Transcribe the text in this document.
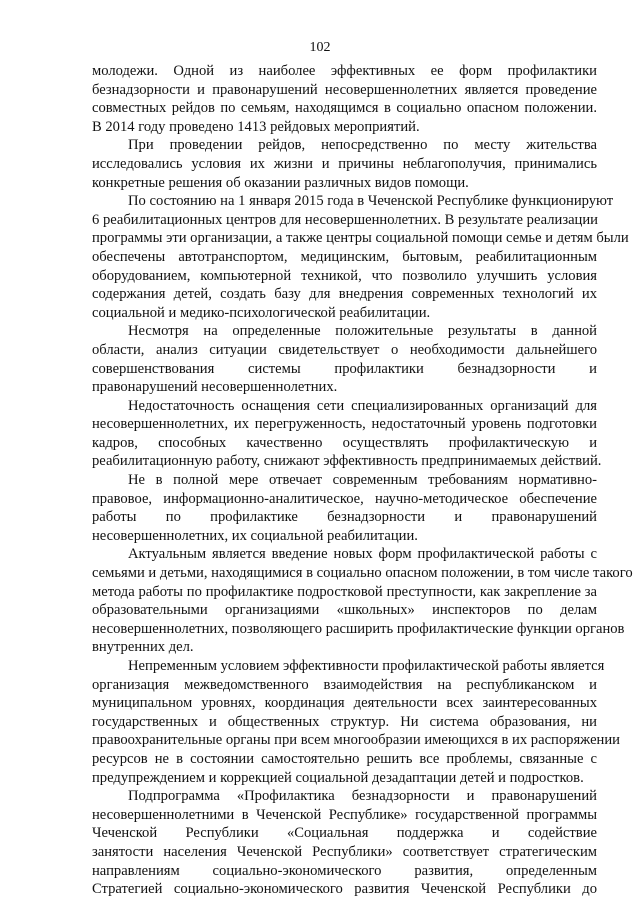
102
молодежи. Одной из наиболее эффективных ее форм профилактики
безнадзорности и правонарушений несовершеннолетних является проведение
совместных рейдов по семьям, находящимся в социально опасном положении.
В 2014 году проведено 1413 рейдовых мероприятий.
При проведении рейдов, непосредственно по месту жительства
исследовались условия их жизни и причины неблагополучия, принимались
конкретные решения об оказании различных видов помощи.
По состоянию на 1 января 2015 года в Чеченской Республике функционируют
6 реабилитационных центров для несовершеннолетних. В результате реализации
программы эти организации, а также центры социальной помощи семье и детям были
обеспечены автотранспортом, медицинским, бытовым, реабилитационным
оборудованием, компьютерной техникой, что позволило улучшить условия
содержания детей, создать базу для внедрения современных технологий их
социальной и медико-психологической реабилитации.
Несмотря на определенные положительные результаты в данной
области, анализ ситуации свидетельствует о необходимости дальнейшего
совершенствования системы профилактики безнадзорности и
правонарушений несовершеннолетних.
Недостаточность оснащения сети специализированных организаций для
несовершеннолетних, их перегруженность, недостаточный уровень подготовки
кадров, способных качественно осуществлять профилактическую и
реабилитационную работу, снижают эффективность предпринимаемых действий.
Не в полной мере отвечает современным требованиям нормативно-
правовое, информационно-аналитическое, научно-методическое обеспечение
работы по профилактике безнадзорности и правонарушений
несовершеннолетних, их социальной реабилитации.
Актуальным является введение новых форм профилактической работы с
семьями и детьми, находящимися в социально опасном положении, в том числе такого
метода работы по профилактике подростковой преступности, как закрепление за
образовательными организациями «школьных» инспекторов по делам
несовершеннолетних, позволяющего расширить профилактические функции органов
внутренних дел.
Непременным условием эффективности профилактической работы является
организация межведомственного взаимодействия на республиканском и
муниципальном уровнях, координация деятельности всех заинтересованных
государственных и общественных структур. Ни система образования, ни
правоохранительные органы при всем многообразии имеющихся в их распоряжении
ресурсов не в состоянии самостоятельно решить все проблемы, связанные с
предупреждением и коррекцией социальной дезадаптации детей и подростков.
Подпрограмма «Профилактика безнадзорности и правонарушений
несовершеннолетними в Чеченской Республике» государственной программы
Чеченской Республики «Социальная поддержка и содействие
занятости населения Чеченской Республики» соответствует стратегическим
направлениям социально-экономического развития, определенным
Стратегией социально-экономического развития Чеченской Республики до
